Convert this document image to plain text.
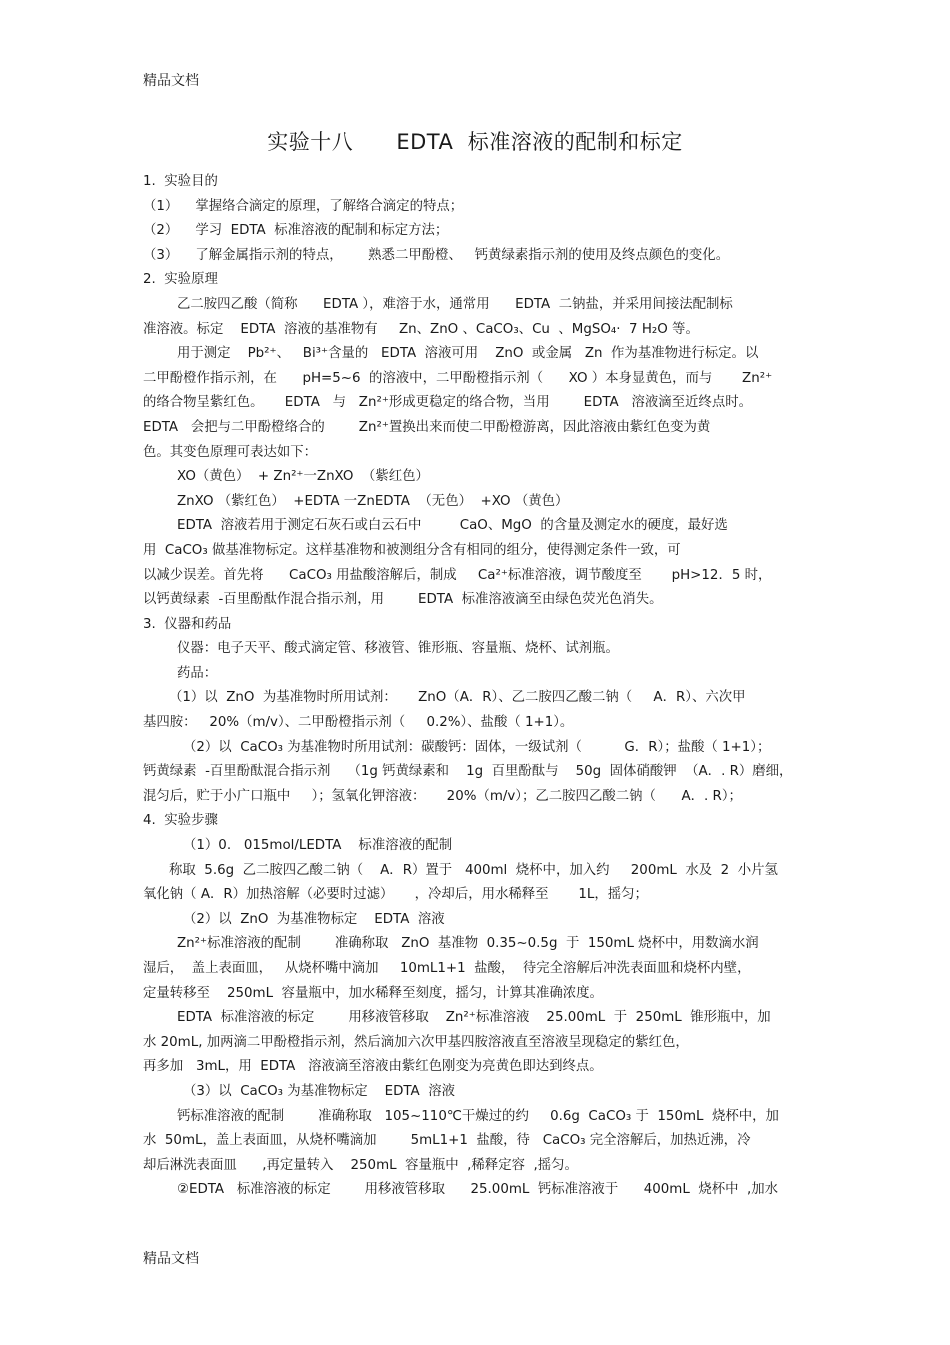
精品文档
实验十八      EDTA  标准溶液的配制和标定
1.  实验目的
（1）    掌握络合滴定的原理，了解络合滴定的特点；
（2）    学习  EDTA  标准溶液的配制和标定方法；
（3）    了解金属指示剂的特点，      熟悉二甲酚橙、   钙黄绿素指示剂的使用及终点颜色的变化。
2.  实验原理
乙二胺四乙酸（简称      EDTA ），难溶于水，通常用      EDTA  二钠盐，并采用间接法配制标
准溶液。标定    EDTA  溶液的基准物有     Zn、ZnO 、CaCO₃、Cu  、MgSO₄·  7 H₂O 等。
用于测定    Pb²⁺、   Bi³⁺含量的   EDTA  溶液可用    ZnO  或金属   Zn  作为基准物进行标定。以
二甲酚橙作指示剂，在      pH=5~6  的溶液中，二甲酚橙指示剂（      XO ）本身显黄色，而与       Zn²⁺
的络合物呈紫红色。     EDTA   与   Zn²⁺形成更稳定的络合物，当用        EDTA   溶液滴至近终点时。
EDTA   会把与二甲酚橙络合的        Zn²⁺置换出来而使二甲酚橙游离，因此溶液由紫红色变为黄
色。其变色原理可表达如下：
XO（黄色）  + Zn²⁺一ZnXO  （紫红色）
ZnXO （紫红色）  +EDTA 一ZnEDTA  （无色）  +XO （黄色）
EDTA  溶液若用于测定石灰石或白云石中         CaO、MgO  的含量及测定水的硬度，最好选
用  CaCO₃ 做基准物标定。这样基准物和被测组分含有相同的组分，使得测定条件一致，可
以减少误差。首先将      CaCO₃ 用盐酸溶解后，制成     Ca²⁺标准溶液，调节酸度至       pH>12．5 时，
以钙黄绿素  -百里酚酞作混合指示剂，用        EDTA  标准溶液滴至由绿色荧光色消失。
3.  仪器和药品
仪器：电子天平、酸式滴定管、移液管、锥形瓶、容量瓶、烧杯、试剂瓶。
药品：
（1）以  ZnO  为基准物时所用试剂：     ZnO（A．R）、乙二胺四乙酸二钠（     A．R）、六次甲
基四胺：   20%（m/v）、二甲酚橙指示剂（     0.2%）、盐酸（ 1+1）。
（2）以  CaCO₃ 为基准物时所用试剂：碳酸钙：固体，一级试剂（          G．R）；盐酸（ 1+1）；
钙黄绿素  -百里酚酞混合指示剂    （1g 钙黄绿素和    1g  百里酚酞与    50g  固体硝酸钾  （A．. R）磨细，
混匀后，贮于小广口瓶中     ）；氢氧化钾溶液：     20%（m/v）；乙二胺四乙酸二钠（      A．. R）；
4.  实验步骤
（1）0.   015mol/LEDTA    标准溶液的配制
称取  5.6g  乙二胺四乙酸二钠（    A．R）置于   400ml  烧杯中，加入约     200mL  水及  2  小片氢
氧化钠（ A．R）加热溶解（必要时过滤）     ，冷却后，用水稀释至       1L，摇匀；
（2）以  ZnO  为基准物标定    EDTA  溶液
Zn²⁺标准溶液的配制        准确称取   ZnO  基准物  0.35~0.5g  于  150mL 烧杯中，用数滴水润
湿后，  盖上表面皿，   从烧杯嘴中滴加     10mL1+1  盐酸，  待完全溶解后冲洗表面皿和烧杯内壁，
定量转移至    250mL  容量瓶中，加水稀释至刻度，摇匀，计算其准确浓度。
EDTA  标准溶液的标定        用移液管移取    Zn²⁺标准溶液    25.00mL  于  250mL  锥形瓶中，加
水 20mL, 加两滴二甲酚橙指示剂，然后滴加六次甲基四胺溶液直至溶液呈现稳定的紫红色，
再多加   3mL，用  EDTA   溶液滴至溶液由紫红色刚变为亮黄色即达到终点。
（3）以  CaCO₃ 为基准物标定    EDTA  溶液
钙标准溶液的配制        准确称取   105~110℃干燥过的约     0.6g  CaCO₃ 于  150mL  烧杯中，加
水  50mL，盖上表面皿，从烧杯嘴滴加        5mL1+1  盐酸，待   CaCO₃ 完全溶解后，加热近沸，冷
却后淋洗表面皿      ,再定量转入    250mL  容量瓶中  ,稀释定容  ,摇匀。
②EDTA   标准溶液的标定        用移液管移取      25.00mL  钙标准溶液于      400mL  烧杯中  ,加水
精品文档
